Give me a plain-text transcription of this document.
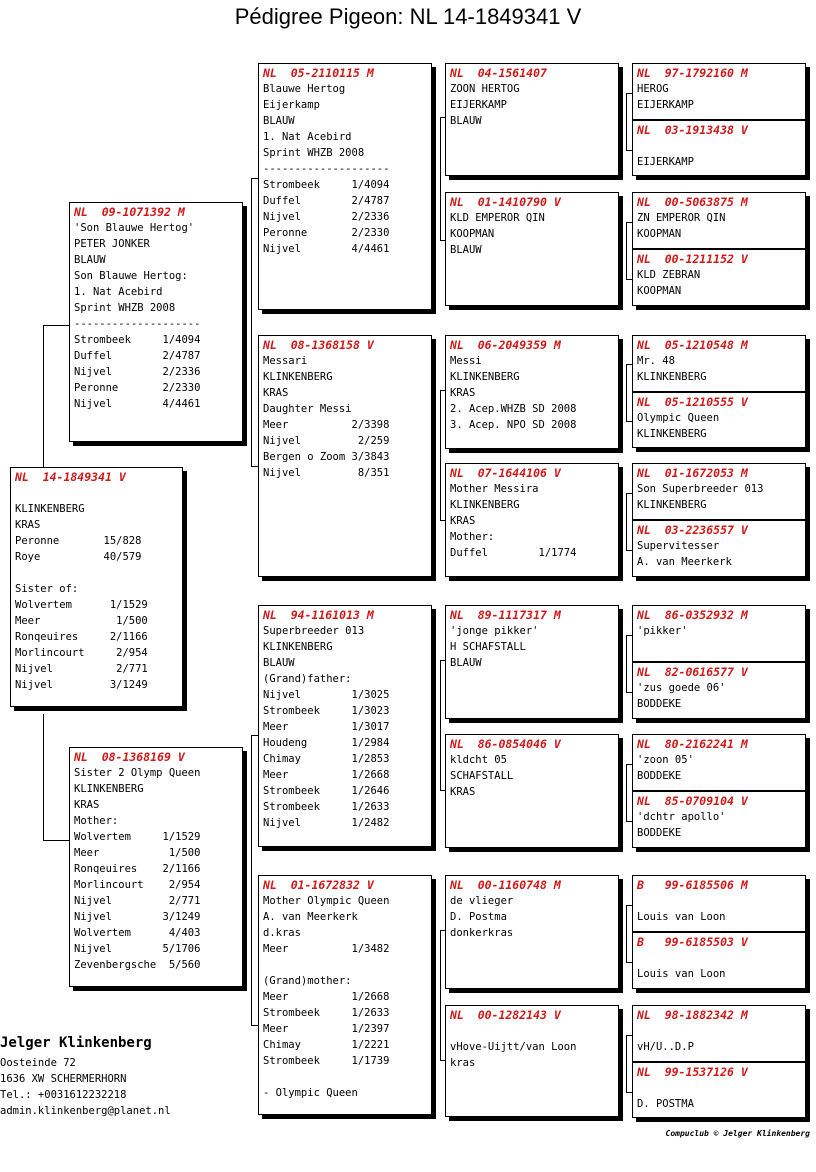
Pédigree Pigeon: NL 14-1849341 V
NL  14-1849341 V

KLINKENBERG
KRAS
Peronne       15/828
Roye          40/579

Sister of:
Wolvertem      1/1529
Meer            1/500
Ronqeuires     2/1166
Morlincourt     2/954
Nijvel          2/771
Nijvel         3/1249
NL  09-1071392 M
'Son Blauwe Hertog'
PETER JONKER
BLAUW
Son Blauwe Hertog:
1. Nat Acebird
Sprint WHZB 2008
--------------------
Strombeek     1/4094
Duffel        2/4787
Nijvel        2/2336
Peronne       2/2330
Nijvel        4/4461
NL  08-1368169 V
Sister 2 Olymp Queen
KLINKENBERG
KRAS
Mother:
Wolvertem     1/1529
Meer           1/500
Ronqeuires    2/1166
Morlincourt    2/954
Nijvel         2/771
Nijvel        3/1249
Wolvertem      4/403
Nijvel        5/1706
Zevenbergsche  5/560
NL  05-2110115 M
Blauwe Hertog
Eijerkamp
BLAUW
1. Nat Acebird
Sprint WHZB 2008
--------------------
Strombeek     1/4094
Duffel        2/4787
Nijvel        2/2336
Peronne       2/2330
Nijvel        4/4461
NL  08-1368158 V
Messari
KLINKENBERG
KRAS
Daughter Messi
Meer          2/3398
Nijvel         2/259
Bergen o Zoom 3/3843
Nijvel         8/351
NL  94-1161013 M
Superbreeder 013
KLINKENBERG
BLAUW
(Grand)father:
Nijvel        1/3025
Strombeek     1/3023
Meer          1/3017
Houdeng       1/2984
Chimay        1/2853
Meer          1/2668
Strombeek     1/2646
Strombeek     1/2633
Nijvel        1/2482
NL  01-1672832 V
Mother Olympic Queen
A. van Meerkerk
d.kras
Meer          1/3482

(Grand)mother:
Meer          1/2668
Strombeek     1/2633
Meer          1/2397
Chimay        1/2221
Strombeek     1/1739

- Olympic Queen
NL  04-1561407
ZOON HERTOG
EIJERKAMP
BLAUW
NL  01-1410790 V
KLD EMPEROR QIN
KOOPMAN
BLAUW
NL  06-2049359 M
Messi
KLINKENBERG
KRAS
2. Acep.WHZB SD 2008
3. Acep. NPO SD 2008
NL  07-1644106 V
Mother Messira
KLINKENBERG
KRAS
Mother:
Duffel        1/1774
NL  89-1117317 M
'jonge pikker'
H SCHAFSTALL
BLAUW
NL  86-0854046 V
kldcht 05
SCHAFSTALL
KRAS
NL  00-1160748 M
de vlieger
D. Postma
donkerkras
NL  00-1282143 V

vHove-Uijtt/van Loon
kras
NL  97-1792160 M
HEROG
EIJERKAMP
NL  03-1913438 V

EIJERKAMP
NL  00-5063875 M
ZN EMPEROR QIN
KOOPMAN
NL  00-1211152 V
KLD ZEBRAN
KOOPMAN
NL  05-1210548 M
Mr. 48
KLINKENBERG
NL  05-1210555 V
Olympic Queen
KLINKENBERG
NL  01-1672053 M
Son Superbreeder 013
KLINKENBERG
NL  03-2236557 V
Supervitesser
A. van Meerkerk
NL  86-0352932 M
'pikker'

NL  82-0616577 V
'zus goede 06'
BODDEKE
NL  80-2162241 M
'zoon 05'
BODDEKE
NL  85-0709104 V
'dchtr apollo'
BODDEKE
B   99-6185506 M

Louis van Loon
B   99-6185503 V

Louis van Loon
NL  98-1882342 M

vH/U..D.P
NL  99-1537126 V

D. POSTMA
Jelger Klinkenberg
Oosteinde 72
1636 XW SCHERMERHORN
Tel.: +0031612232218
admin.klinkenberg@planet.nl
Compuclub © Jelger Klinkenberg
